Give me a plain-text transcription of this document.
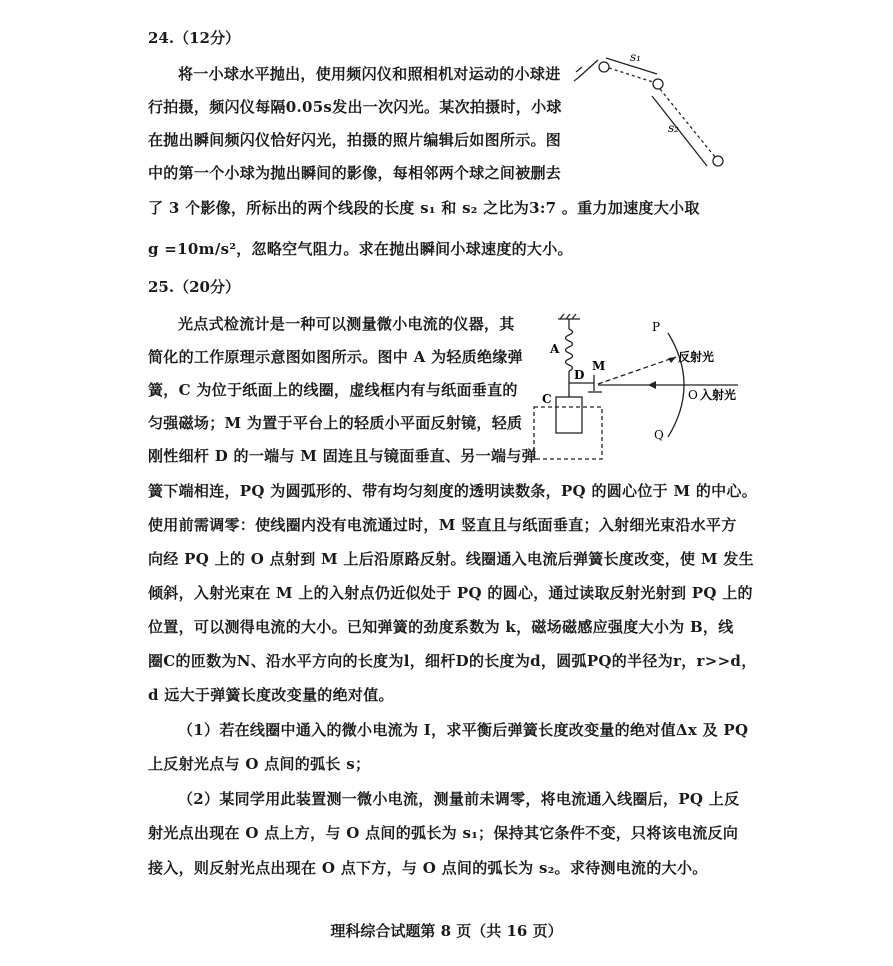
24.（12分）
将一小球水平抛出，使用频闪仪和照相机对运动的小球进
行拍摄，频闪仪每隔0.05s发出一次闪光。某次拍摄时，小球
在抛出瞬间频闪仪恰好闪光，拍摄的照片编辑后如图所示。图
中的第一个小球为抛出瞬间的影像，每相邻两个球之间被删去
了 3 个影像，所标出的两个线段的长度 s₁ 和 s₂ 之比为3:7 。重力加速度大小取
g =10m/s²，忽略空气阻力。求在抛出瞬间小球速度的大小。
s₁
s₂
25.（20分）
光点式检流计是一种可以测量微小电流的仪器，其
简化的工作原理示意图如图所示。图中 A 为轻质绝缘弹
簧，C 为位于纸面上的线圈，虚线框内有与纸面垂直的
匀强磁场；M 为置于平台上的轻质小平面反射镜，轻质
刚性细杆 D 的一端与 M 固连且与镜面垂直、另一端与弹
簧下端相连，PQ 为圆弧形的、带有均匀刻度的透明读数条，PQ 的圆心位于 M 的中心。
使用前需调零：使线圈内没有电流通过时，M 竖直且与纸面垂直；入射细光束沿水平方
向经 PQ 上的 O 点射到 M 上后沿原路反射。线圈通入电流后弹簧长度改变，使 M 发生
倾斜，入射光束在 M 上的入射点仍近似处于 PQ 的圆心，通过读取反射光射到 PQ 上的
位置，可以测得电流的大小。已知弹簧的劲度系数为 k，磁场磁感应强度大小为 B，线
圈C的匝数为N、沿水平方向的长度为l，细杆D的长度为d，圆弧PQ的半径为r，r>>d，
d 远大于弹簧长度改变量的绝对值。
（1）若在线圈中通入的微小电流为 I，求平衡后弹簧长度改变量的绝对值Δx 及 PQ
上反射光点与 O 点间的弧长 s；
（2）某同学用此装置测一微小电流，测量前未调零，将电流通入线圈后，PQ 上反
射光点出现在 O 点上方，与 O 点间的弧长为 s₁；保持其它条件不变，只将该电流反向
接入，则反射光点出现在 O 点下方，与 O 点间的弧长为 s₂。求待测电流的大小。
A
C
D
M
P
Q
O
反射光
入射光
理科综合试题第 8 页（共 16 页）
